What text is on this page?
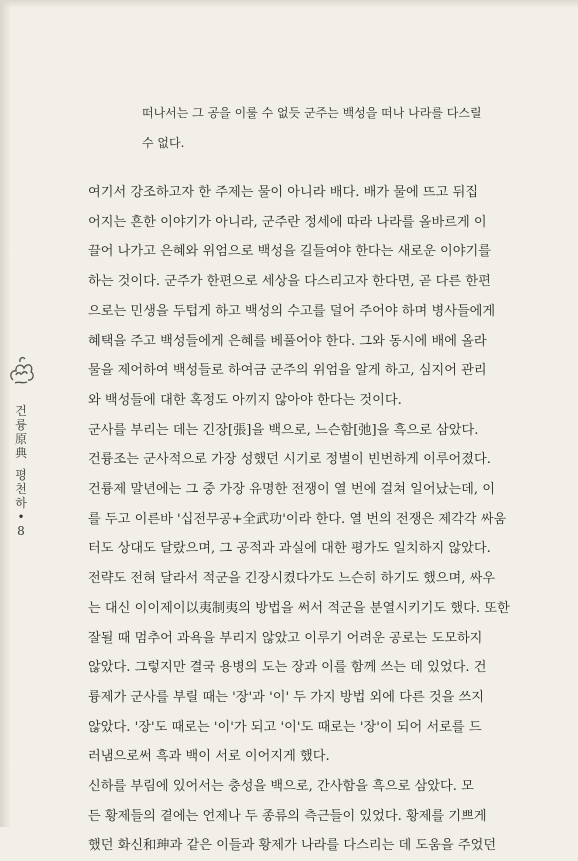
떠나서는 그 공을 이룰 수 없듯 군주는 백성을 떠나 나라를 다스릴

수 없다.

여기서 강조하고자 한 주제는 물이 아니라 배다. 배가 물에 뜨고 뒤집
어지는 흔한 이야기가 아니라, 군주란 정세에 따라 나라를 올바르게 이
끌어 나가고 은혜와 위엄으로 백성을 길들여야 한다는 새로운 이야기를
하는 것이다. 군주가 한편으로 세상을 다스리고자 한다면, 곧 다른 한편
으로는 민생을 두텁게 하고 백성의 수고를 덜어 주어야 하며 병사들에게
혜택을 주고 백성들에게 은혜를 베풀어야 한다. 그와 동시에 배에 올라
물을 제어하여 백성들로 하여금 군주의 위엄을 알게 하고, 심지어 관리
와 백성들에 대한 혹정도 아끼지 않아야 한다는 것이다.
군사를 부리는 데는 긴장[張]을 백으로, 느슨함[弛]을 흑으로 삼았다.
건륭조는 군사적으로 가장 성했던 시기로 정벌이 빈번하게 이루어졌다.
건륭제 말년에는 그 중 가장 유명한 전쟁이 열 번에 걸쳐 일어났는데, 이
를 두고 이른바 '십전무공+全武功'이라 한다. 열 번의 전쟁은 제각각 싸움
터도 상대도 달랐으며, 그 공적과 과실에 대한 평가도 일치하지 않았다.
전략도 전혀 달라서 적군을 긴장시켰다가도 느슨히 하기도 했으며, 싸우
는 대신 이이제이以夷制夷의 방법을 써서 적군을 분열시키기도 했다. 또한
잘될 때 멈추어 과욕을 부리지 않았고 이루기 어려운 공로는 도모하지
않았다. 그렇지만 결국 용병의 도는 장과 이를 함께 쓰는 데 있었다. 건
륭제가 군사를 부릴 때는 '장'과 '이' 두 가지 방법 외에 다른 것을 쓰지
않았다. '장'도 때로는 '이'가 되고 '이'도 때로는 '장'이 되어 서로를 드
러냄으로써 흑과 백이 서로 이어지게 했다.
신하를 부림에 있어서는 충성을 백으로, 간사함을 흑으로 삼았다. 모
든 황제들의 곁에는 언제나 두 종류의 측근들이 있었다. 황제를 기쁘게
했던 화신和珅과 같은 이들과 황제가 나라를 다스리는 데 도움을 주었던
건
륭
原
典
평
천
하
•
8
